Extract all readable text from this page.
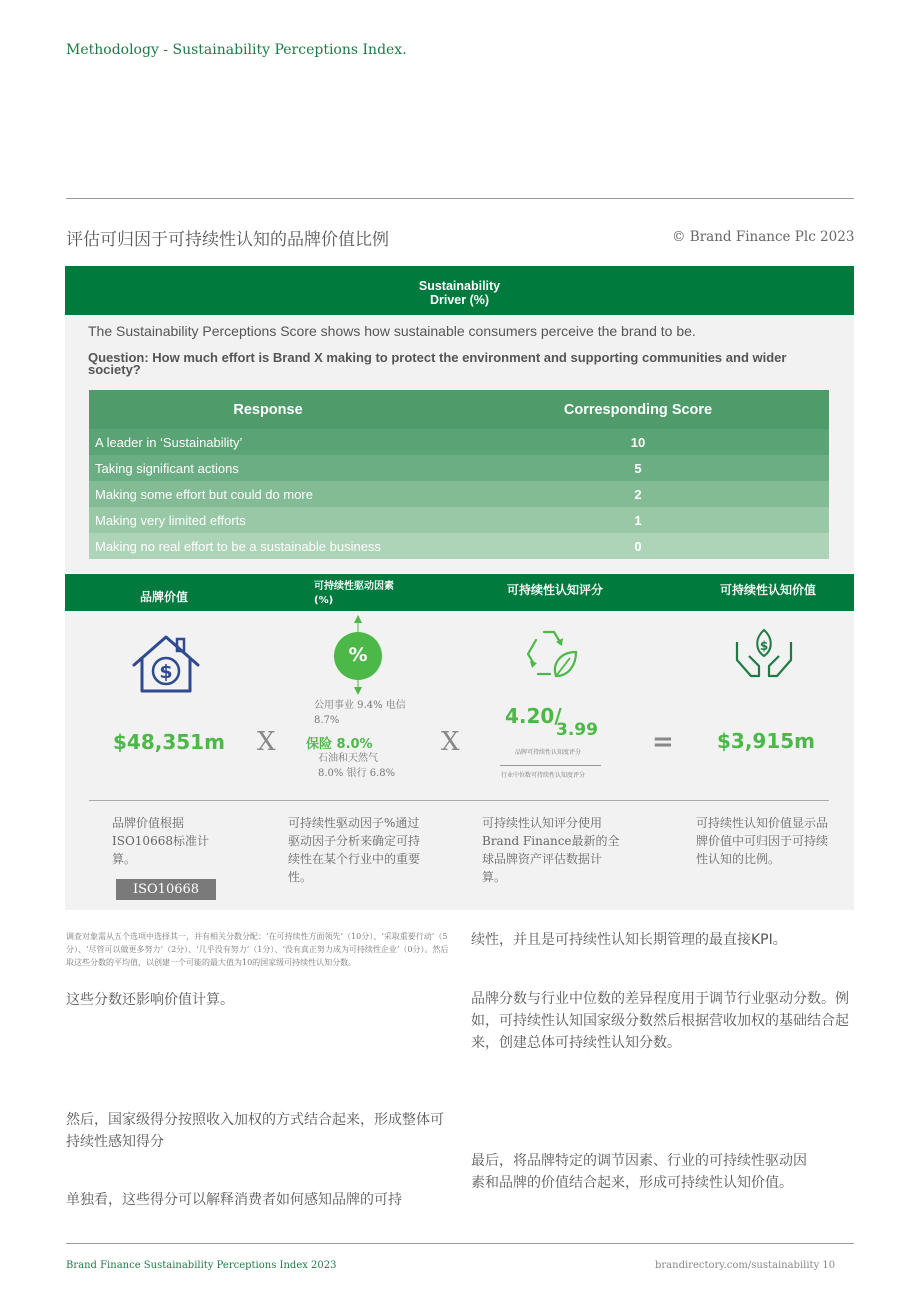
Methodology - Sustainability Perceptions Index.
评估可归因于可持续性认知的品牌价值比例	© Brand Finance Plc 2023
Sustainability
Driver (%)
The Sustainability Perceptions Score shows how sustainable consumers perceive the brand to be.
Question: How much effort is Brand X making to protect the environment and supporting communities and wider society?
Response	Corresponding Score
A leader in ‘Sustainability’	10
Taking significant actions	5
Making some effort but could do more	2
Making very limited efforts	1
Making no real effort to be a sustainable business	0
品牌价值
可持续性驱动因素 (%)
可持续性认知评分	可持续性认知价值
$
%	$
$48,351m X
公用事业 9.4% 电信 8.7%
保险 8.0%
石油和天然气 8.0% 银行 6.8%
X
4.20/
3.99
品牌可持续性认知度评分
行业中位数可持续性认知度评分
= $3,915m
品牌价值根据ISO10668标准计算。
可持续性驱动因子%通过驱动因子分析来确定可持续性在某个行业中的重要性。
可持续性认知评分使用Brand Finance最新的全球品牌资产评估数据计算。
可持续性认知价值显示品牌价值中可归因于可持续性认知的比例。
ISO10668
调查对象需从五个选项中选择其一，并有相关分数分配：‘在可持续性方面领先’（10分）、‘采取重要行动’（5分）、‘尽管可以做更多努力’（2分）、‘几乎没有努力’（1分）、‘没有真正努力成为可持续性企业’（0分）。然后取这些分数的平均值，以创建一个可能的最大值为10的国家级可持续性认知分数。
这些分数还影响价值计算。
然后，国家级得分按照收入加权的方式结合起来，形成整体可持续性感知得分
单独看，这些得分可以解释消费者如何感知品牌的可持
续性，并且是可持续性认知长期管理的最直接KPI。
品牌分数与行业中位数的差异程度用于调节行业驱动分数。例如，可持续性认知国家级分数然后根据营收加权的基础结合起来，创建总体可持续性认知分数。
最后，将品牌特定的调节因素、行业的可持续性驱动因素和品牌的价值结合起来，形成可持续性认知价值。
Brand Finance Sustainability Perceptions Index 2023	brandirectory.com/sustainability 10
